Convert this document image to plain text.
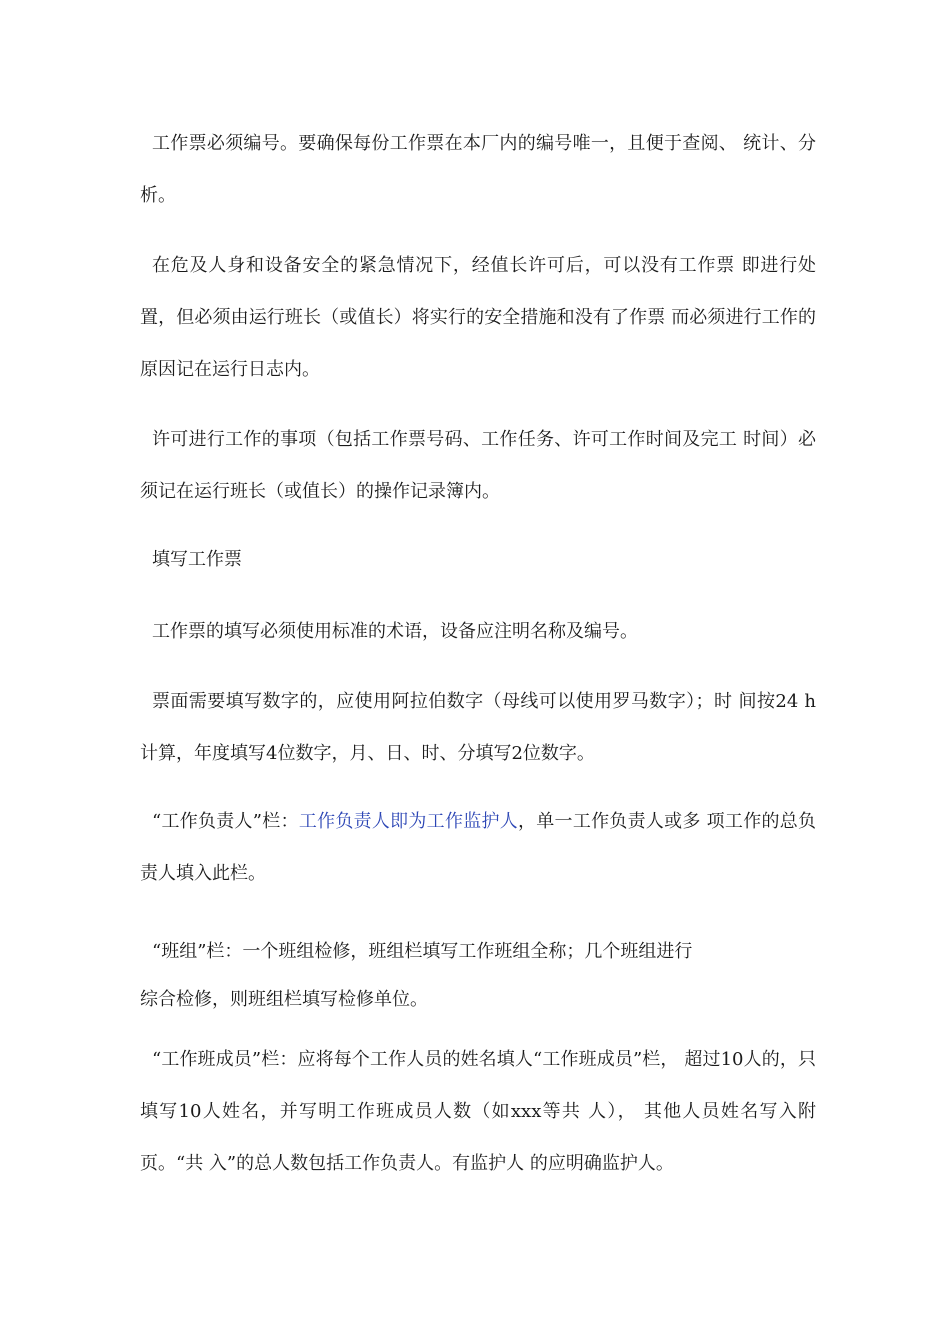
工作票必须编号。要确保每份工作票在本厂内的编号唯一，且便于查阅、 统计、分析。

在危及人身和设备安全的紧急情况下，经值长许可后，可以没有工作票 即进行处置，但必须由运行班长（或值长）将实行的安全措施和没有了作票 而必须进行工作的原因记在运行日志内。

许可进行工作的事项（包括工作票号码、工作任务、许可工作时间及完工 时间）必须记在运行班长（或值长）的操作记录簿内。

填写工作票

工作票的填写必须使用标准的术语，设备应注明名称及编号。

票面需要填写数字的，应使用阿拉伯数字（母线可以使用罗马数字）；时 间按24 h计算，年度填写4位数字，月、日、时、分填写2位数字。

“工作负责人”栏：工作负责人即为工作监护人，单一工作负责人或多 项工作的总负责人填入此栏。

“班组”栏：一个班组检修，班组栏填写工作班组全称；几个班组进行
综合检修，则班组栏填写检修单位。

“工作班成员”栏：应将每个工作人员的姓名填人“工作班成员”栏， 超过10人的，只填写10人姓名，并写明工作班成员人数（如xxx等共 人）， 其他人员姓名写入附页。“共 入”的总人数包括工作负责人。有监护人 的应明确监护人。
